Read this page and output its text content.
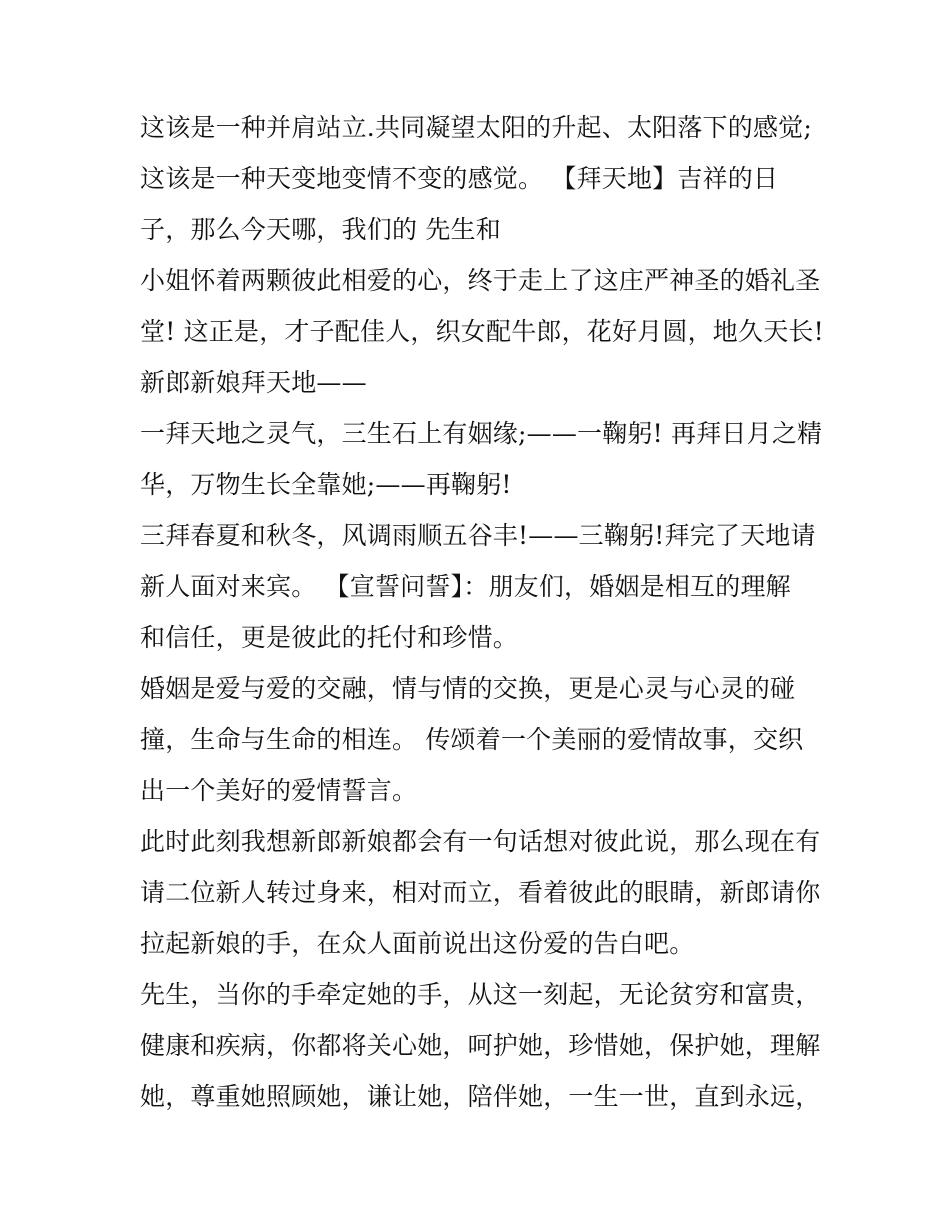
这该是一种并肩站立.共同凝望太阳的升起、太阳落下的感觉;
这该是一种天变地变情不变的感觉。 【拜天地】吉祥的日
子，那么今天哪，我们的 先生和
小姐怀着两颗彼此相爱的心，终于走上了这庄严神圣的婚礼圣
堂! 这正是，才子配佳人，织女配牛郎，花好月圆，地久天长!
新郎新娘拜天地——
一拜天地之灵气，三生石上有姻缘;——一鞠躬! 再拜日月之精
华，万物生长全靠她;——再鞠躬!
三拜春夏和秋冬，风调雨顺五谷丰!——三鞠躬!拜完了天地请
新人面对来宾。 【宣誓问誓】：朋友们，婚姻是相互的理解
和信任，更是彼此的托付和珍惜。
婚姻是爱与爱的交融，情与情的交换，更是心灵与心灵的碰
撞，生命与生命的相连。 传颂着一个美丽的爱情故事，交织
出一个美好的爱情誓言。
此时此刻我想新郎新娘都会有一句话想对彼此说，那么现在有
请二位新人转过身来，相对而立，看着彼此的眼睛，新郎请你
拉起新娘的手，在众人面前说出这份爱的告白吧。
先生，当你的手牵定她的手，从这一刻起，无论贫穷和富贵，
健康和疾病，你都将关心她，呵护她，珍惜她，保护她，理解
她，尊重她照顾她，谦让她，陪伴她，一生一世，直到永远，
